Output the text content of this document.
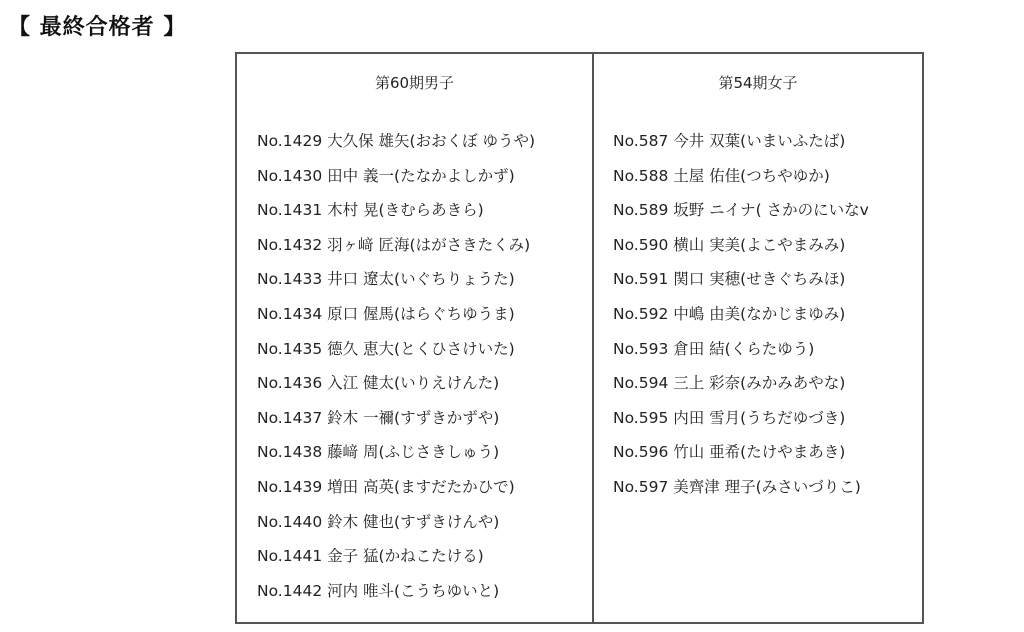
【 最終合格者 】
第60期男子
No.1429 大久保 雄矢(おおくぼ ゆうや)
No.1430 田中 義一(たなかよしかず)
No.1431 木村 晃(きむらあきら)
No.1432 羽ヶ﨑 匠海(はがさきたくみ)
No.1433 井口 遼太(いぐちりょうた)
No.1434 原口 偓馬(はらぐちゆうま)
No.1435 德久 恵大(とくひさけいた)
No.1436 入江 健太(いりえけんた)
No.1437 鈴木 一禰(すずきかずや)
No.1438 藤﨑 周(ふじさきしゅう)
No.1439 増田 高英(ますだたかひで)
No.1440 鈴木 健也(すずきけんや)
No.1441 金子 猛(かねこたける)
No.1442 河内 唯斗(こうちゆいと)
第54期女子
No.587 今井 双葉(いまいふたば)
No.588 土屋 佑佳(つちやゆか)
No.589 坂野 ニイナ( さかのにいなv
No.590 横山 実美(よこやまみみ)
No.591 関口 実穂(せきぐちみほ)
No.592 中嶋 由美(なかじまゆみ)
No.593 倉田 結(くらたゆう)
No.594 三上 彩奈(みかみあやな)
No.595 内田 雪月(うちだゆづき)
No.596 竹山 亜希(たけやまあき)
No.597 美齊津 理子(みさいづりこ)
